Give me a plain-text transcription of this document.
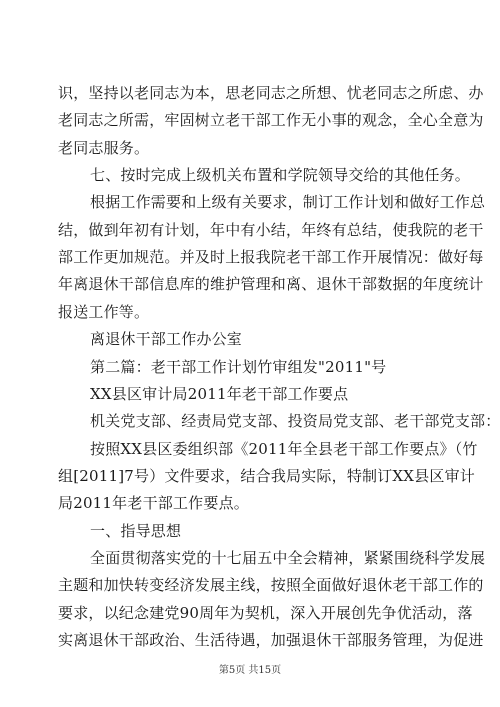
识，坚持以老同志为本，思老同志之所想、忧老同志之所虑、办
老同志之所需，牢固树立老干部工作无小事的观念，全心全意为
老同志服务。
七、按时完成上级机关布置和学院领导交给的其他任务。
根据工作需要和上级有关要求，制订工作计划和做好工作总
结，做到年初有计划，年中有小结，年终有总结，使我院的老干
部工作更加规范。并及时上报我院老干部工作开展情况：做好每
年离退休干部信息库的维护管理和离、退休干部数据的年度统计
报送工作等。
离退休干部工作办公室
第二篇：老干部工作计划竹审组发"2011"号
XX县区审计局2011年老干部工作要点
机关党支部、经责局党支部、投资局党支部、老干部党支部：
按照XX县区委组织部《2011年全县老干部工作要点》（竹
组[2011]7号）文件要求，结合我局实际，特制订XX县区审计
局2011年老干部工作要点。
一、指导思想
全面贯彻落实党的十七届五中全会精神，紧紧围绕科学发展
主题和加快转变经济发展主线，按照全面做好退休老干部工作的
要求，以纪念建党90周年为契机，深入开展创先争优活动，落
实离退休干部政治、生活待遇，加强退休干部服务管理，为促进
第5页 共15页
